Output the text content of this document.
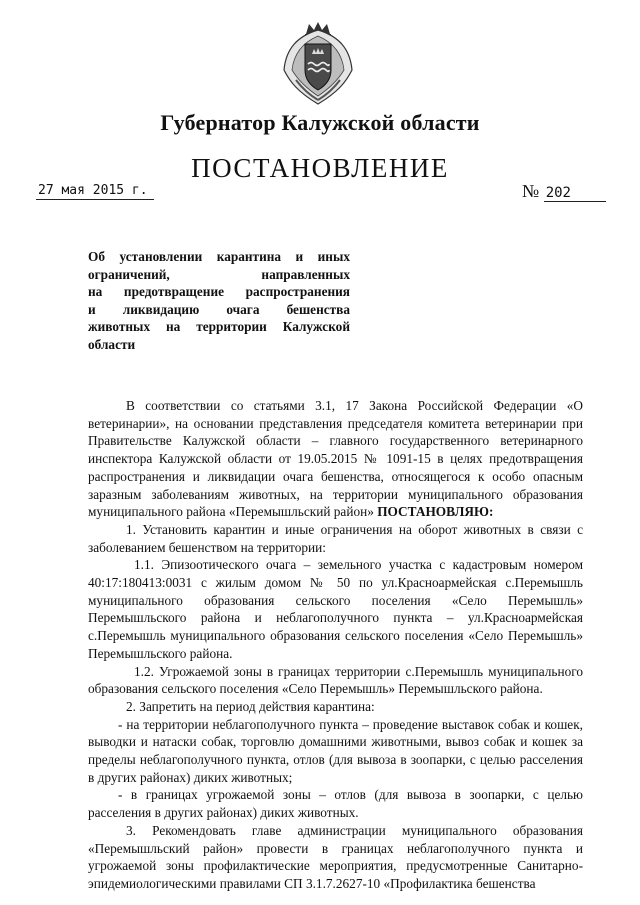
Губернатор Калужской области
ПОСТАНОВЛЕНИЕ
27 мая 2015 г.	№ 202
Об установлении карантина и иных
ограничений, направленных
на предотвращение распространения
и ликвидацию очага бешенства
животных на территории Калужской
области

В соответствии со статьями 3.1, 17 Закона Российской Федерации «О ветеринарии», на основании представления председателя комитета ветеринарии при Правительстве Калужской области – главного государственного ветеринарного инспектора Калужской области от 19.05.2015 № 1091-15 в целях предотвращения распространения и ликвидации очага бешенства, относящегося к особо опасным заразным заболеваниям животных, на территории муниципального образования муниципального района «Перемышльский район» ПОСТАНОВЛЯЮ:

1. Установить карантин и иные ограничения на оборот животных в связи с заболеванием бешенством на территории:

1.1. Эпизоотического очага – земельного участка с кадастровым номером 40:17:180413:0031 с жилым домом № 50 по ул.Красноармейская с.Перемышль муниципального образования сельского поселения «Село Перемышль» Перемышльского района и неблагополучного пункта – ул.Красноармейская с.Перемышль муниципального образования сельского поселения «Село Перемышль» Перемышльского района.

1.2. Угрожаемой зоны в границах территории с.Перемышль муниципального образования сельского поселения «Село Перемышль» Перемышльского района.

2. Запретить на период действия карантина:

- на территории неблагополучного пункта – проведение выставок собак и кошек, выводки и натаски собак, торговлю домашними животными, вывоз собак и кошек за пределы неблагополучного пункта, отлов (для вывоза в зоопарки, с целью расселения в других районах) диких животных;

- в границах угрожаемой зоны – отлов (для вывоза в зоопарки, с целью расселения в других районах) диких животных.

3. Рекомендовать главе администрации муниципального образования «Перемышльский район» провести в границах неблагополучного пункта и угрожаемой зоны профилактические мероприятия, предусмотренные Санитарно-эпидемиологическими правилами СП 3.1.7.2627-10 «Профилактика бешенства
